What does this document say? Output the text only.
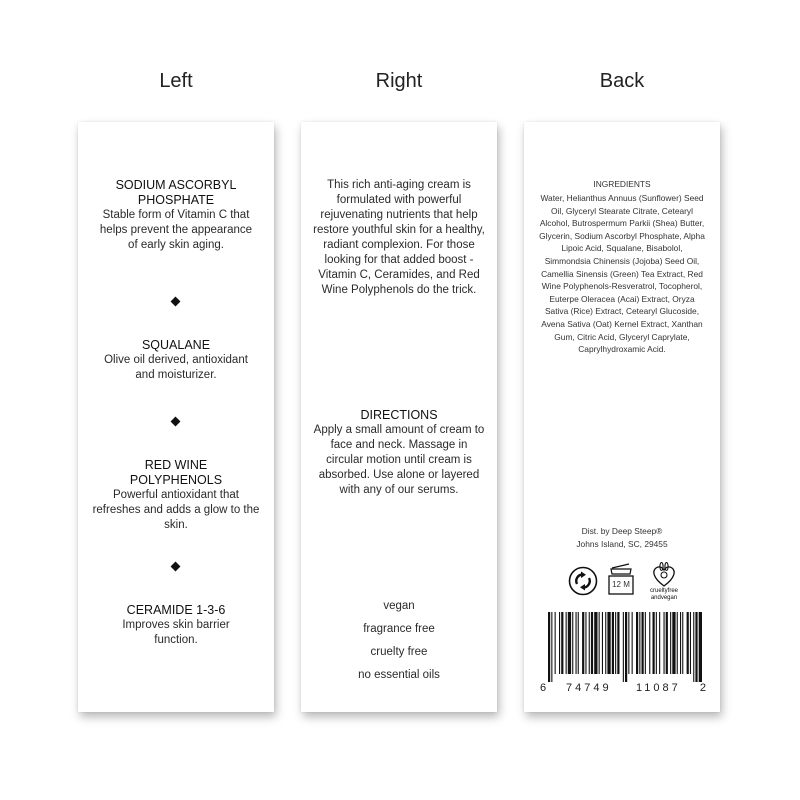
Left	Right	Back
SODIUM ASCORBYL PHOSPHATE
Stable form of Vitamin C that helps prevent the appearance of early skin aging.
SQUALANE
Olive oil derived, antioxidant and moisturizer.
RED WINE POLYPHENOLS
Powerful antioxidant that refreshes and adds a glow to the skin.
CERAMIDE 1-3-6
Improves skin barrier function.
This rich anti-aging cream is formulated with powerful rejuvenating nutrients that help restore youthful skin for a healthy, radiant complexion. For those looking for that added boost - Vitamin C, Ceramides, and Red Wine Polyphenols do the trick.
DIRECTIONS
Apply a small amount of cream to face and neck. Massage in circular motion until cream is absorbed. Use alone or layered with any of our serums.
vegan
fragrance free
cruelty free
no essential oils
INGREDIENTS
Water, Helianthus Annuus (Sunflower) Seed Oil, Glyceryl Stearate Citrate, Cetearyl Alcohol, Butrospermum Parkii (Shea) Butter, Glycerin, Sodium Ascorbyl Phosphate, Alpha Lipoic Acid, Squalane, Bisabolol, Simmondsia Chinensis (Jojoba) Seed Oil, Camellia Sinensis (Green) Tea Extract, Red Wine Polyphenols-Resveratrol, Tocopherol, Euterpe Oleracea (Acai) Extract, Oryza Sativa (Rice) Extract, Cetearyl Glucoside, Avena Sativa (Oat) Kernel Extract, Xanthan Gum, Citric Acid, Glyceryl Caprylate, Caprylhydroxamic Acid.
Dist. by Deep Steep®
Johns Island, SC, 29455
12 M
crueltyfree
andvegan
6 74749 11087 2
